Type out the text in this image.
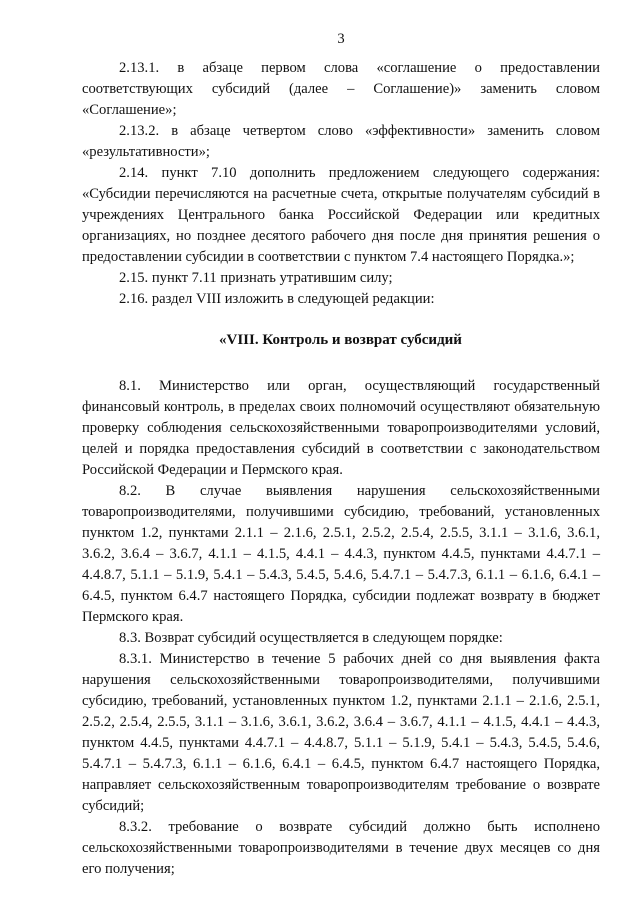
3

2.13.1. в абзаце первом слова «соглашение о предоставлении соответствующих субсидий (далее – Соглашение)» заменить словом «Соглашение»;

2.13.2. в абзаце четвертом слово «эффективности» заменить словом «результативности»;

2.14. пункт 7.10 дополнить предложением следующего содержания: «Субсидии перечисляются на расчетные счета, открытые получателям субсидий в учреждениях Центрального банка Российской Федерации или кредитных организациях, но позднее десятого рабочего дня после дня принятия решения о предоставлении субсидии в соответствии с пунктом 7.4 настоящего Порядка.»;

2.15. пункт 7.11 признать утратившим силу;

2.16. раздел VIII изложить в следующей редакции:

«VIII. Контроль и возврат субсидий

8.1. Министерство или орган, осуществляющий государственный финансовый контроль, в пределах своих полномочий осуществляют обязательную проверку соблюдения сельскохозяйственными товаропроизводителями условий, целей и порядка предоставления субсидий в соответствии с законодательством Российской Федерации и Пермского края.

8.2. В случае выявления нарушения сельскохозяйственными товаропроизводителями, получившими субсидию, требований, установленных пунктом 1.2, пунктами 2.1.1 – 2.1.6, 2.5.1, 2.5.2, 2.5.4, 2.5.5, 3.1.1 – 3.1.6, 3.6.1, 3.6.2, 3.6.4 – 3.6.7, 4.1.1 – 4.1.5, 4.4.1 – 4.4.3, пунктом 4.4.5, пунктами 4.4.7.1 – 4.4.8.7, 5.1.1 – 5.1.9, 5.4.1 – 5.4.3, 5.4.5, 5.4.6, 5.4.7.1 – 5.4.7.3, 6.1.1 – 6.1.6, 6.4.1 – 6.4.5, пунктом 6.4.7 настоящего Порядка, субсидии подлежат возврату в бюджет Пермского края.

8.3. Возврат субсидий осуществляется в следующем порядке:

8.3.1. Министерство в течение 5 рабочих дней со дня выявления факта нарушения сельскохозяйственными товаропроизводителями, получившими субсидию, требований, установленных пунктом 1.2, пунктами 2.1.1 – 2.1.6, 2.5.1, 2.5.2, 2.5.4, 2.5.5, 3.1.1 – 3.1.6, 3.6.1, 3.6.2, 3.6.4 – 3.6.7, 4.1.1 – 4.1.5, 4.4.1 – 4.4.3, пунктом 4.4.5, пунктами 4.4.7.1 – 4.4.8.7, 5.1.1 – 5.1.9, 5.4.1 – 5.4.3, 5.4.5, 5.4.6, 5.4.7.1 – 5.4.7.3, 6.1.1 – 6.1.6, 6.4.1 – 6.4.5, пунктом 6.4.7 настоящего Порядка, направляет сельскохозяйственным товаропроизводителям требование о возврате субсидий;

8.3.2. требование о возврате субсидий должно быть исполнено сельскохозяйственными товаропроизводителями в течение двух месяцев со дня его получения;
